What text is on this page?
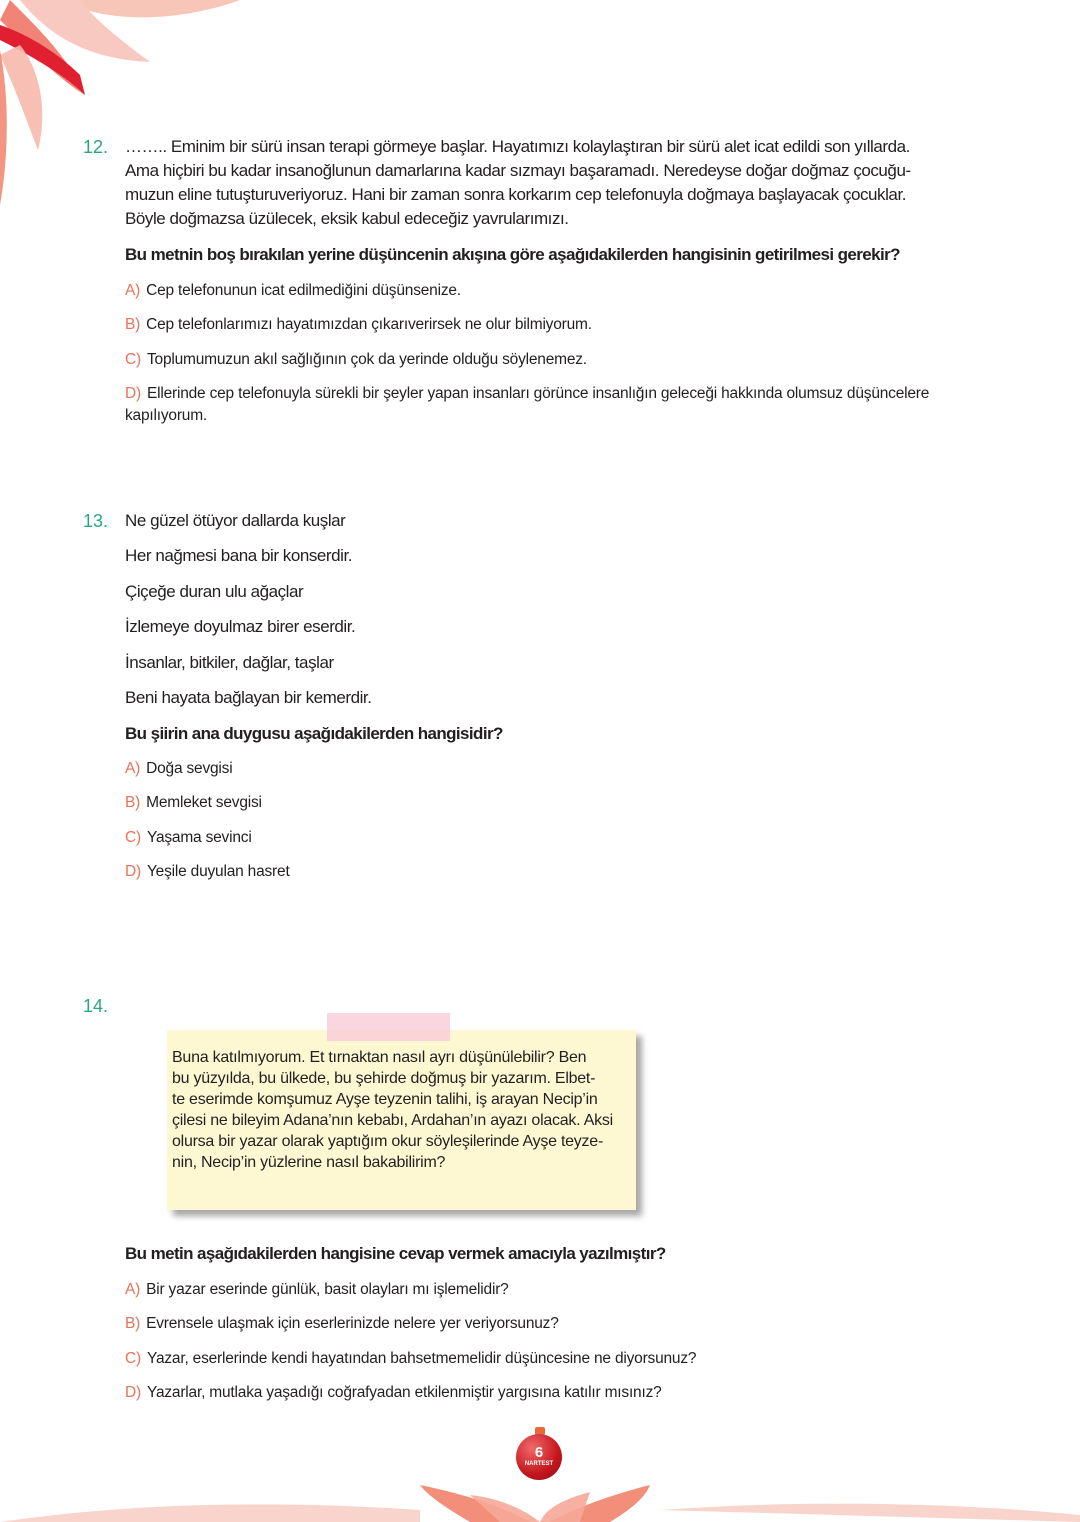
12. …….. Eminim bir sürü insan terapi görmeye başlar. Hayatımızı kolaylaştıran bir sürü alet icat edildi son yıllarda.
Ama hiçbiri bu kadar insanoğlunun damarlarına kadar sızmayı başaramadı. Neredeyse doğar doğmaz çocuğu-
muzun eline tutuşturuveriyoruz. Hani bir zaman sonra korkarım cep telefonuyla doğmaya başlayacak çocuklar.
Böyle doğmazsa üzülecek, eksik kabul edeceğiz yavrularımızı.
Bu metnin boş bırakılan yerine düşüncenin akışına göre aşağıdakilerden hangisinin getirilmesi gerekir?
A) Cep telefonunun icat edilmediğini düşünsenize.
B) Cep telefonlarımızı hayatımızdan çıkarıverirsek ne olur bilmiyorum.
C) Toplumumuzun akıl sağlığının çok da yerinde olduğu söylenemez.
D) Ellerinde cep telefonuyla sürekli bir şeyler yapan insanları görünce insanlığın geleceği hakkında olumsuz düşüncelere
kapılıyorum.
13. Ne güzel ötüyor dallarda kuşlar
Her nağmesi bana bir konserdir.
Çiçeğe duran ulu ağaçlar
İzlemeye doyulmaz birer eserdir.
İnsanlar, bitkiler, dağlar, taşlar
Beni hayata bağlayan bir kemerdir.
Bu şiirin ana duygusu aşağıdakilerden hangisidir?
A) Doğa sevgisi
B) Memleket sevgisi
C) Yaşama sevinci
D) Yeşile duyulan hasret
14.
Buna katılmıyorum. Et tırnaktan nasıl ayrı düşünülebilir? Ben
bu yüzyılda, bu ülkede, bu şehirde doğmuş bir yazarım. Elbet-
te eserimde komşumuz Ayşe teyzenin talihi, iş arayan Necip’in
çilesi ne bileyim Adana’nın kebabı, Ardahan’ın ayazı olacak. Aksi
olursa bir yazar olarak yaptığım okur söyleşilerinde Ayşe teyze-
nin, Necip’in yüzlerine nasıl bakabilirim?
Bu metin aşağıdakilerden hangisine cevap vermek amacıyla yazılmıştır?
A) Bir yazar eserinde günlük, basit olayları mı işlemelidir?
B) Evrensele ulaşmak için eserlerinizde nelere yer veriyorsunuz?
C) Yazar, eserlerinde kendi hayatından bahsetmemelidir düşüncesine ne diyorsunuz?
D) Yazarlar, mutlaka yaşadığı coğrafyadan etkilenmiştir yargısına katılır mısınız?
6
NARTEST
